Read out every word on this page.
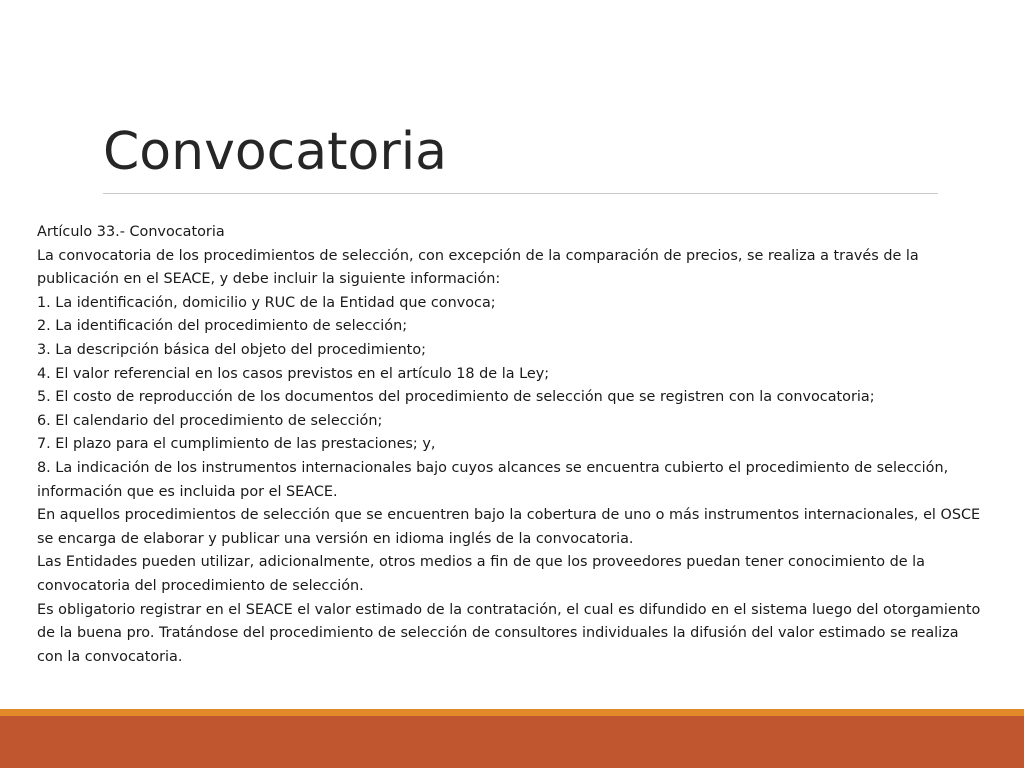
Convocatoria
Artículo 33.- Convocatoria
La convocatoria de los procedimientos de selección, con excepción de la comparación de precios, se realiza a través de la publicación en el SEACE, y debe incluir la siguiente información:
1. La identificación, domicilio y RUC de la Entidad que convoca;
2. La identificación del procedimiento de selección;
3. La descripción básica del objeto del procedimiento;
4. El valor referencial en los casos previstos en el artículo 18 de la Ley;
5. El costo de reproducción de los documentos del procedimiento de selección que se registren con la convocatoria;
6. El calendario del procedimiento de selección;
7. El plazo para el cumplimiento de las prestaciones; y,
8. La indicación de los instrumentos internacionales bajo cuyos alcances se encuentra cubierto el procedimiento de selección, información que es incluida por el SEACE.
En aquellos procedimientos de selección que se encuentren bajo la cobertura de uno o más instrumentos internacionales, el OSCE se encarga de elaborar y publicar una versión en idioma inglés de la convocatoria.
Las Entidades pueden utilizar, adicionalmente, otros medios a fin de que los proveedores puedan tener conocimiento de la convocatoria del procedimiento de selección.
Es obligatorio registrar en el SEACE el valor estimado de la contratación, el cual es difundido en el sistema luego del otorgamiento de la buena pro. Tratándose del procedimiento de selección de consultores individuales la difusión del valor estimado se realiza con la convocatoria.
